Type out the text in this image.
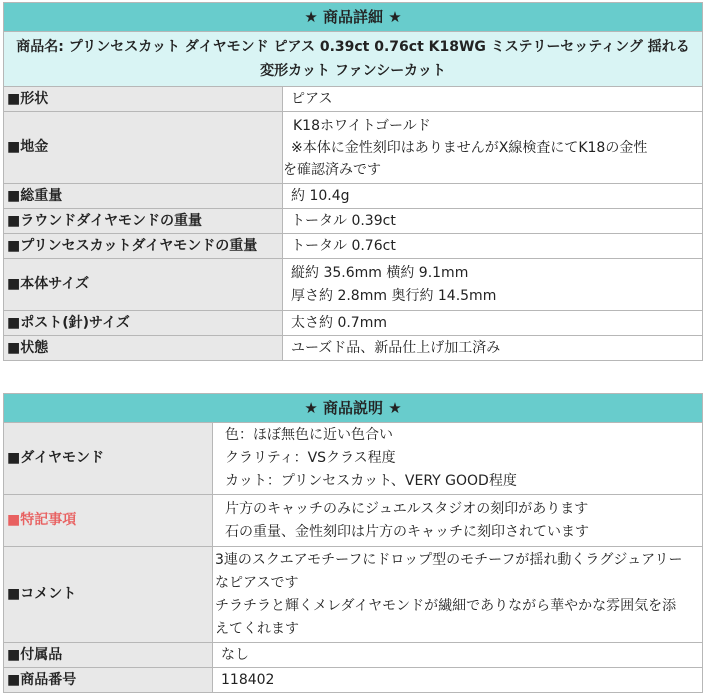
★ 商品詳細 ★	
商品名: プリンセスカット ダイヤモンド ピアス 0.39ct 0.76ct K18WG ミステリーセッティング 揺れる 変形カット ファンシーカット	
■形状	ピアス
■地金	K18ホワイトゴールド
※本体に金性刻印はありませんがX線検査にてK18の金性
を確認済みです

■総重量	約 10.4g
■ラウンドダイヤモンドの重量	トータル 0.39ct
■プリンセスカットダイヤモンドの重量	トータル 0.76ct
■本体サイズ	縦約 35.6mm 横約 9.1mm
厚さ約 2.8mm 奥行約 14.5mm

■ポスト(針)サイズ	太さ約 0.7mm
■状態	ユーズド品、新品仕上げ加工済み
★ 商品説明 ★	
■ダイヤモンド	色：ほぼ無色に近い色合い
クラリティ：VSクラス程度
カット：プリンセスカット、VERY GOOD程度

■特記事項	片方のキャッチのみにジュエルスタジオの刻印があります
石の重量、金性刻印は片方のキャッチに刻印されています

■コメント	3連のスクエアモチーフにドロップ型のモチーフが揺れ動くラグジュアリー
なピアスです
チラチラと輝くメレダイヤモンドが繊細でありながら華やかな雰囲気を添
えてくれます

■付属品	なし
■商品番号	118402
